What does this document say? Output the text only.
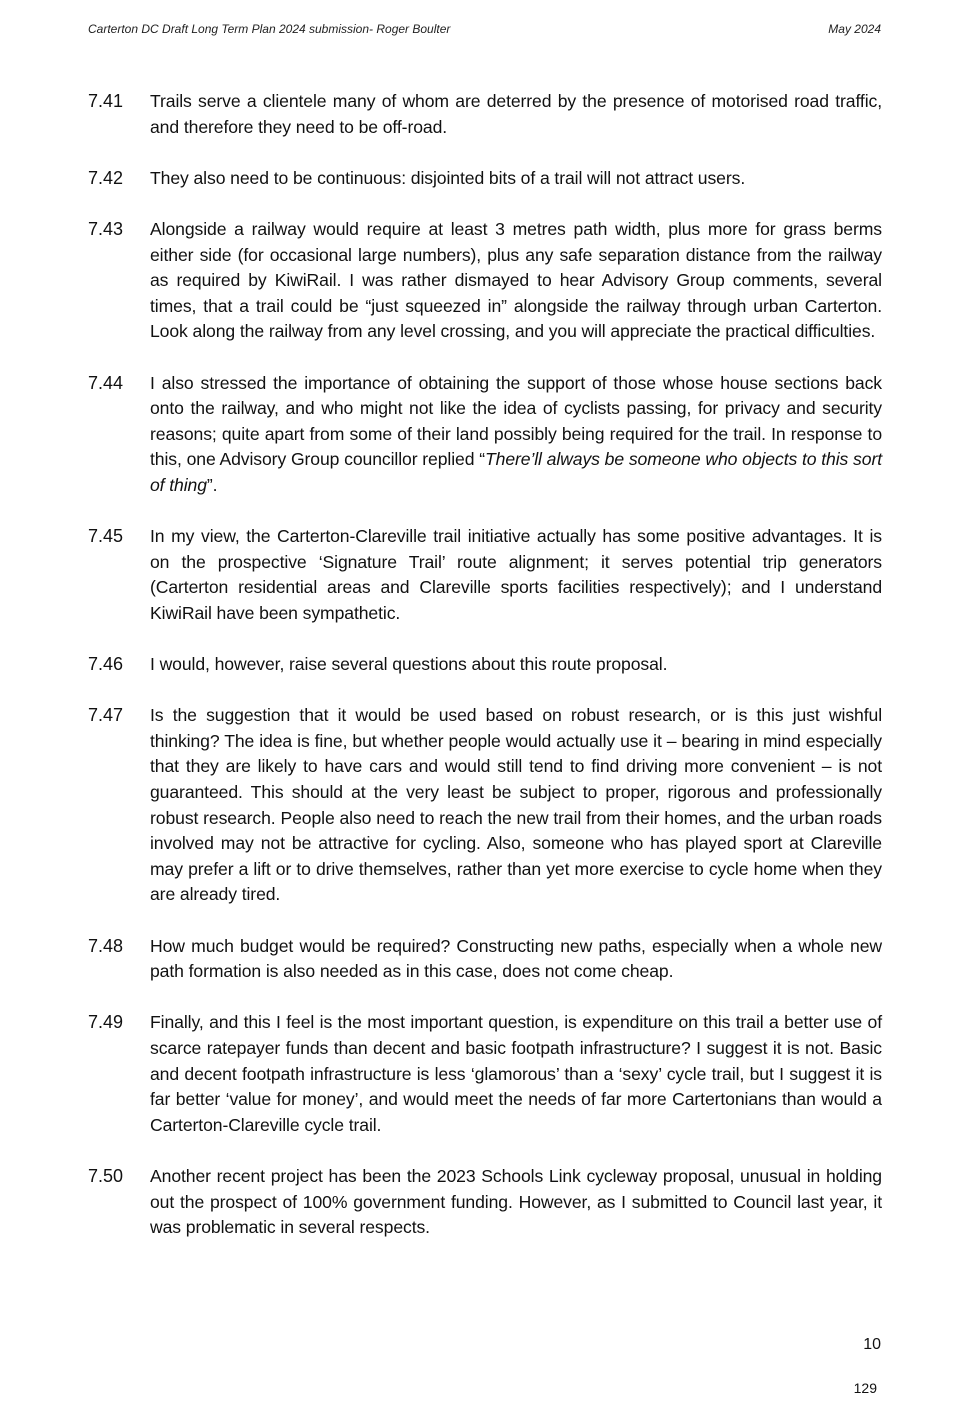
Carterton DC Draft Long Term Plan 2024 submission- Roger Boulter	May 2024
7.41	Trails serve a clientele many of whom are deterred by the presence of motorised road traffic, and therefore they need to be off-road.
7.42	They also need to be continuous: disjointed bits of a trail will not attract users.
7.43	Alongside a railway would require at least 3 metres path width, plus more for grass berms either side (for occasional large numbers), plus any safe separation distance from the railway as required by KiwiRail. I was rather dismayed to hear Advisory Group comments, several times, that a trail could be “just squeezed in” alongside the railway through urban Carterton. Look along the railway from any level crossing, and you will appreciate the practical difficulties.
7.44	I also stressed the importance of obtaining the support of those whose house sections back onto the railway, and who might not like the idea of cyclists passing, for privacy and security reasons; quite apart from some of their land possibly being required for the trail. In response to this, one Advisory Group councillor replied “There’ll always be someone who objects to this sort of thing”.
7.45	In my view, the Carterton-Clareville trail initiative actually has some positive advantages. It is on the prospective ‘Signature Trail’ route alignment; it serves potential trip generators (Carterton residential areas and Clareville sports facilities respectively); and I understand KiwiRail have been sympathetic.
7.46	I would, however, raise several questions about this route proposal.
7.47	Is the suggestion that it would be used based on robust research, or is this just wishful thinking? The idea is fine, but whether people would actually use it – bearing in mind especially that they are likely to have cars and would still tend to find driving more convenient – is not guaranteed. This should at the very least be subject to proper, rigorous and professionally robust research. People also need to reach the new trail from their homes, and the urban roads involved may not be attractive for cycling. Also, someone who has played sport at Clareville may prefer a lift or to drive themselves, rather than yet more exercise to cycle home when they are already tired.
7.48	How much budget would be required? Constructing new paths, especially when a whole new path formation is also needed as in this case, does not come cheap.
7.49	Finally, and this I feel is the most important question, is expenditure on this trail a better use of scarce ratepayer funds than decent and basic footpath infrastructure? I suggest it is not. Basic and decent footpath infrastructure is less ‘glamorous’ than a ‘sexy’ cycle trail, but I suggest it is far better ‘value for money’, and would meet the needs of far more Cartertonians than would a Carterton-Clareville cycle trail.
7.50	Another recent project has been the 2023 Schools Link cycleway proposal, unusual in holding out the prospect of 100% government funding. However, as I submitted to Council last year, it was problematic in several respects.
10
129
